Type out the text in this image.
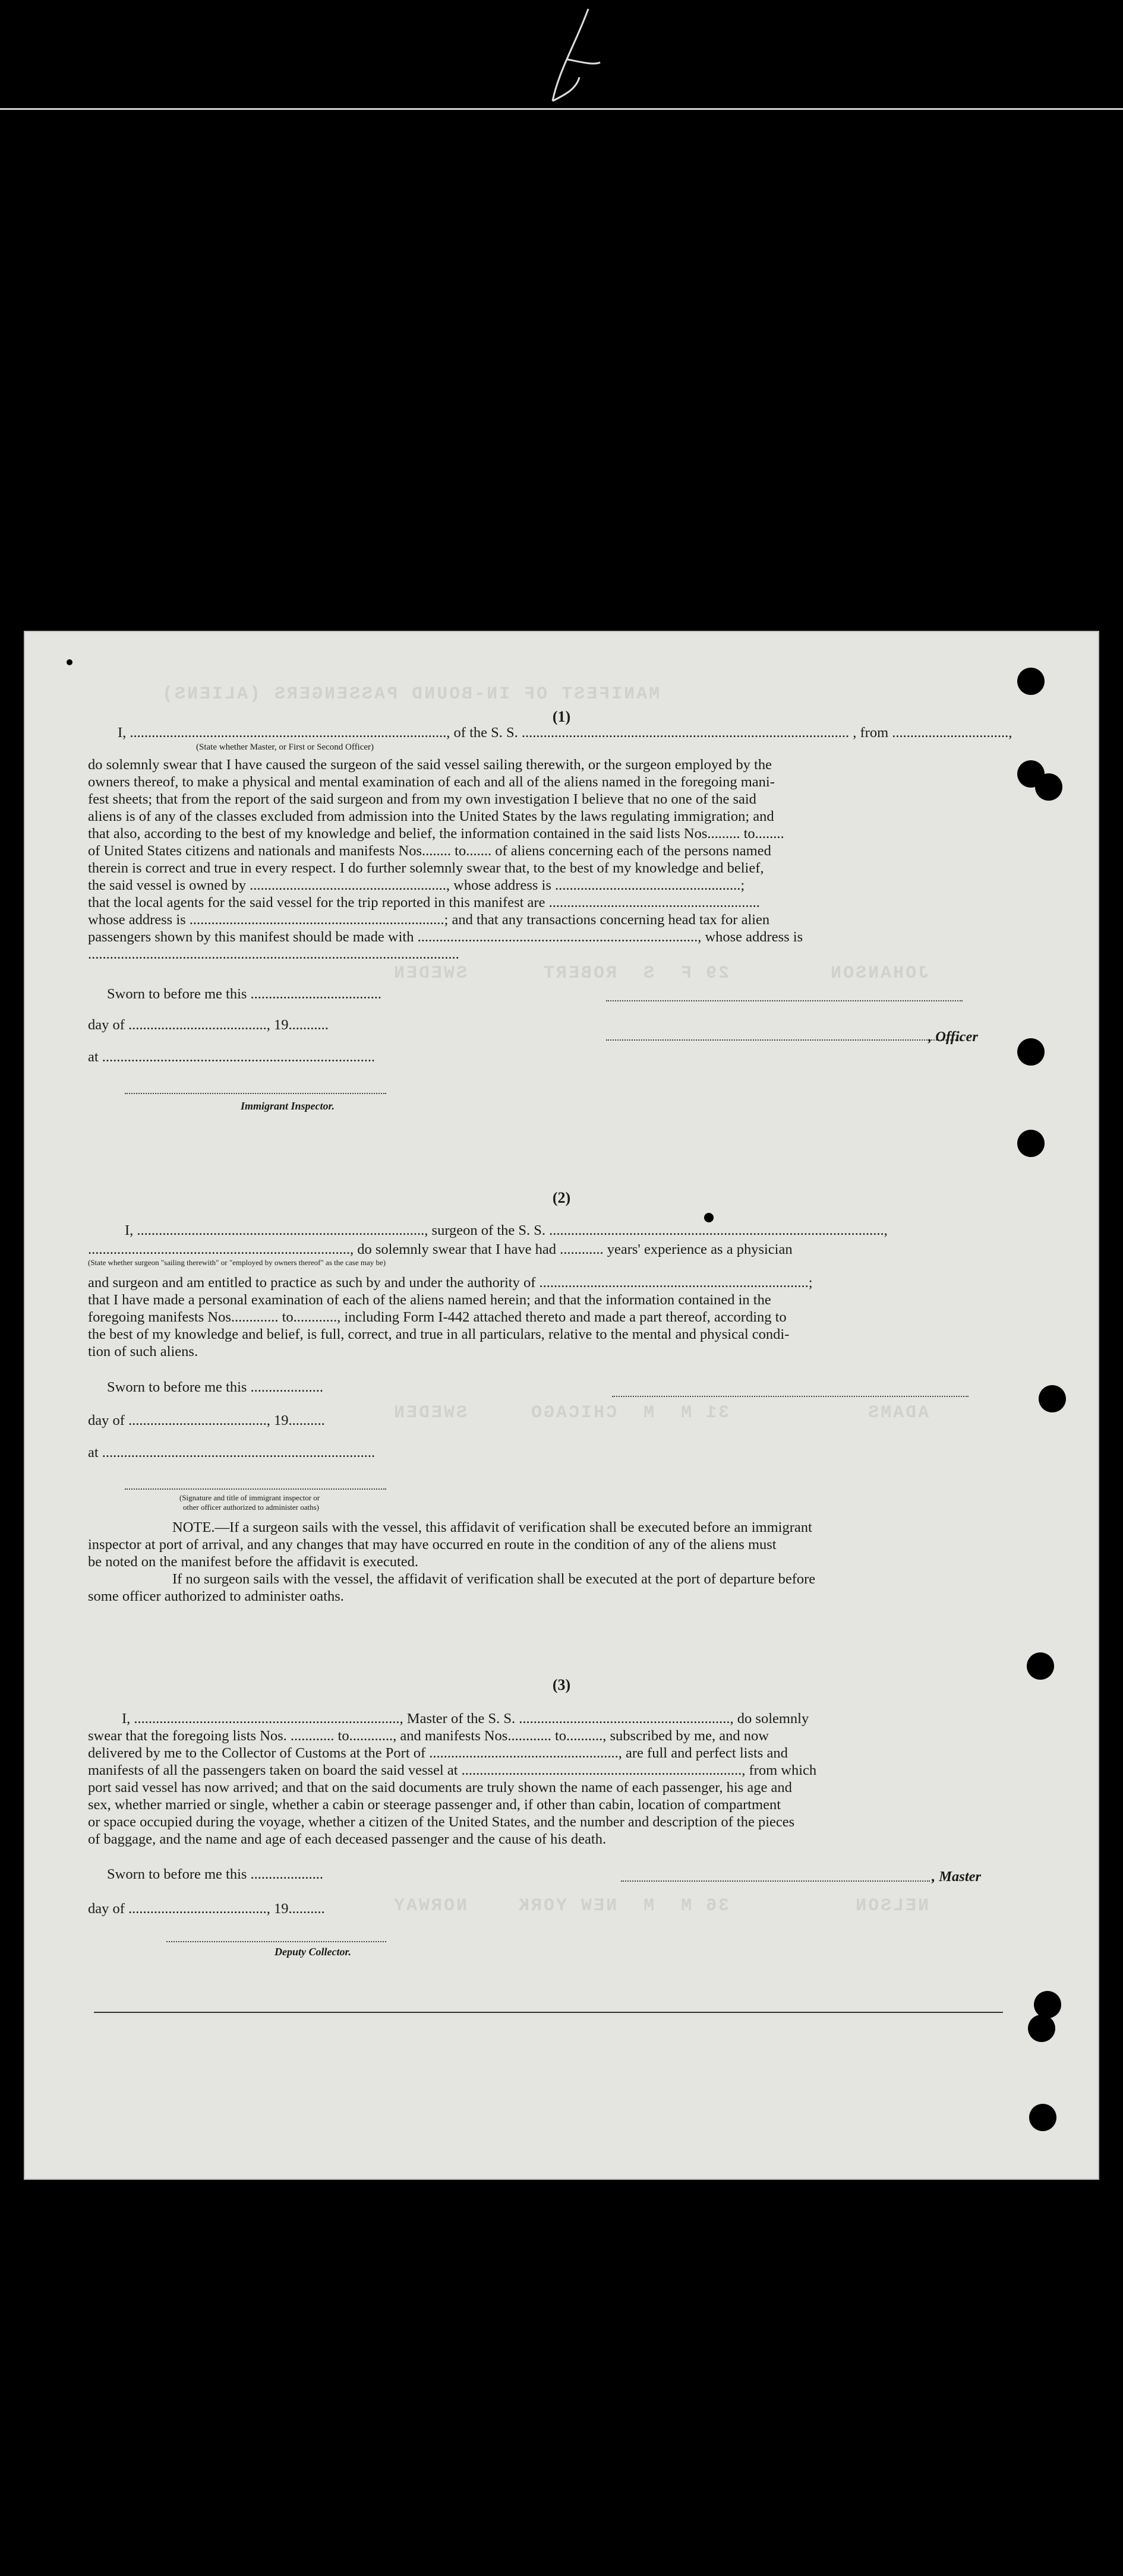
MANIFEST OF IN-BOUND PASSENGERS (ALIENS)
JOHANSON        29 F  S  ROBERT      SWEDEN
ADAMS           31 M  M  CHICAGO     SWEDEN
NELSON          36 M  M  NEW YORK    NORWAY
(1)
I, ......................................................................................., of the S. S. .......................................................................................... , from ................................,
(State whether Master, or First or Second Officer)
do solemnly swear that I have caused the surgeon of the said vessel sailing therewith, or the surgeon employed by the
owners thereof, to make a physical and mental examination of each and all of the aliens named in the foregoing mani-
fest sheets; that from the report of the said surgeon and from my own investigation I believe that no one of the said
aliens is of any of the classes excluded from admission into the United States by the laws regulating immigration; and
that also, according to the best of my knowledge and belief, the information contained in the said lists Nos......... to........
of United States citizens and nationals and manifests Nos........ to....... of aliens concerning each of the persons named
therein is correct and true in every respect. I do further solemnly swear that, to the best of my knowledge and belief,
the said vessel is owned by ......................................................, whose address is ...................................................;
that the local agents for the said vessel for the trip reported in this manifest are ..........................................................
whose address is ......................................................................; and that any transactions concerning head tax for alien
passengers shown by this manifest should be made with ............................................................................., whose address is
......................................................................................................
Sworn to before me this ....................................
day of ......................................, 19...........
, Officer
at ...........................................................................
Immigrant Inspector.
(2)
I, ..............................................................................., surgeon of the S. S. ............................................................................................,
........................................................................, do solemnly swear that I have had ............ years' experience as a physician
(State whether surgeon "sailing therewith" or "employed by owners thereof" as the case may be)
and surgeon and am entitled to practice as such by and under the authority of ..........................................................................;
that I have made a personal examination of each of the aliens named herein; and that the information contained in the
foregoing manifests Nos............. to............, including Form I-442 attached thereto and made a part thereof, according to
the best of my knowledge and belief, is full, correct, and true in all particulars, relative to the mental and physical condi-
tion of such aliens.
Sworn to before me this ....................
day of ......................................, 19..........
at ...........................................................................
(Signature and title of immigrant inspector or
other officer authorized to administer oaths)
NOTE.—If a surgeon sails with the vessel, this affidavit of verification shall be executed before an immigrant
inspector at port of arrival, and any changes that may have occurred en route in the condition of any of the aliens must
be noted on the manifest before the affidavit is executed.
If no surgeon sails with the vessel, the affidavit of verification shall be executed at the port of departure before
some officer authorized to administer oaths.
(3)
I, ........................................................................., Master of the S. S. .........................................................., do solemnly
swear that the foregoing lists Nos. ............ to............, and manifests Nos............ to.........., subscribed by me, and now
delivered by me to the Collector of Customs at the Port of ...................................................., are full and perfect lists and
manifests of all the passengers taken on board the said vessel at ............................................................................., from which
port said vessel has now arrived; and that on the said documents are truly shown the name of each passenger, his age and
sex, whether married or single, whether a cabin or steerage passenger and, if other than cabin, location of compartment
or space occupied during the voyage, whether a citizen of the United States, and the number and description of the pieces
of baggage, and the name and age of each deceased passenger and the cause of his death.
Sworn to before me this ....................	, Master
day of ......................................, 19..........
Deputy Collector.
